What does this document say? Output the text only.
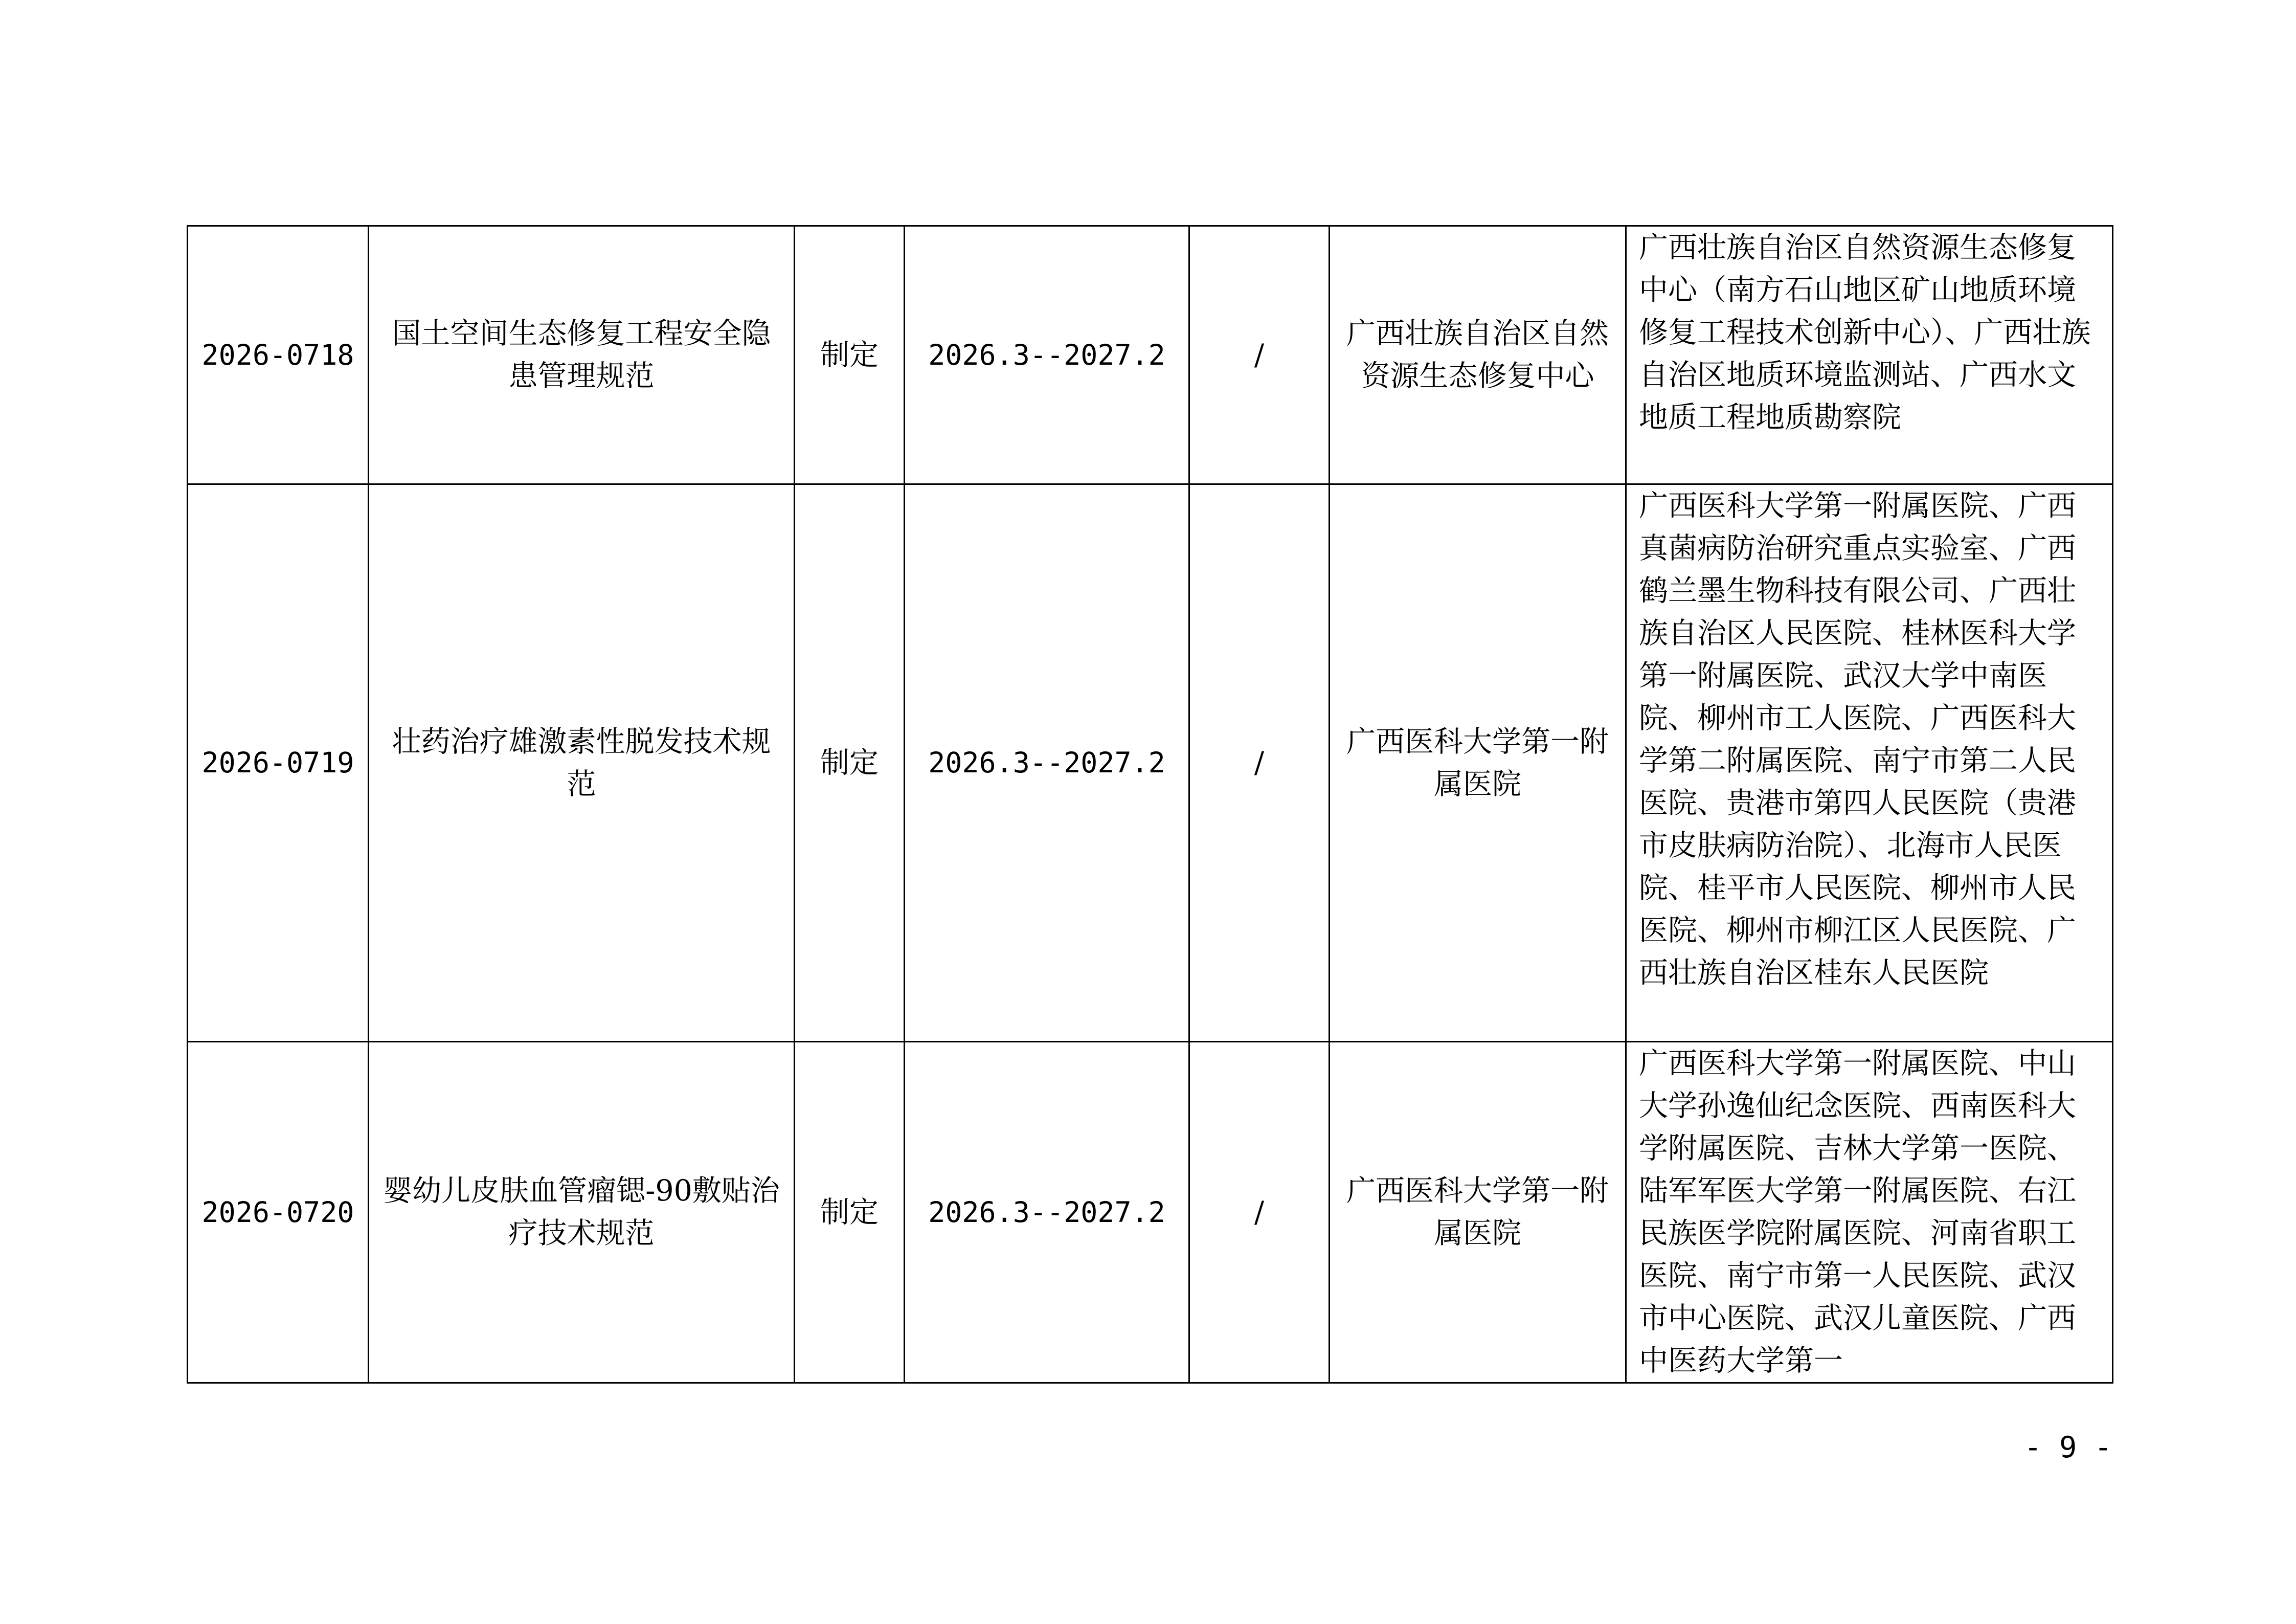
2026-0718	国土空间生态修复工程安全隐患管理规范	制定	2026.3--2027.2	/	广西壮族自治区自然资源生态修复中心	广西壮族自治区自然资源生态修复中心（南方石山地区矿山地质环境修复工程技术创新中心）、广西壮族自治区地质环境监测站、广西水文地质工程地质勘察院

2026-0719	壮药治疗雄激素性脱发技术规范	制定	2026.3--2027.2	/	广西医科大学第一附属医院	广西医科大学第一附属医院、广西真菌病防治研究重点实验室、广西鹤兰墨生物科技有限公司、广西壮族自治区人民医院、桂林医科大学第一附属医院、武汉大学中南医院、柳州市工人医院、广西医科大学第二附属医院、南宁市第二人民医院、贵港市第四人民医院（贵港市皮肤病防治院）、北海市人民医院、桂平市人民医院、柳州市人民医院、柳州市柳江区人民医院、广西壮族自治区桂东人民医院

2026-0720	婴幼儿皮肤血管瘤锶-90敷贴治疗技术规范	制定	2026.3--2027.2	/	广西医科大学第一附属医院	广西医科大学第一附属医院、中山大学孙逸仙纪念医院、西南医科大学附属医院、吉林大学第一医院、陆军军医大学第一附属医院、右江民族医学院附属医院、河南省职工医院、南宁市第一人民医院、武汉市中心医院、武汉儿童医院、广西中医药大学第一
- 9 -
